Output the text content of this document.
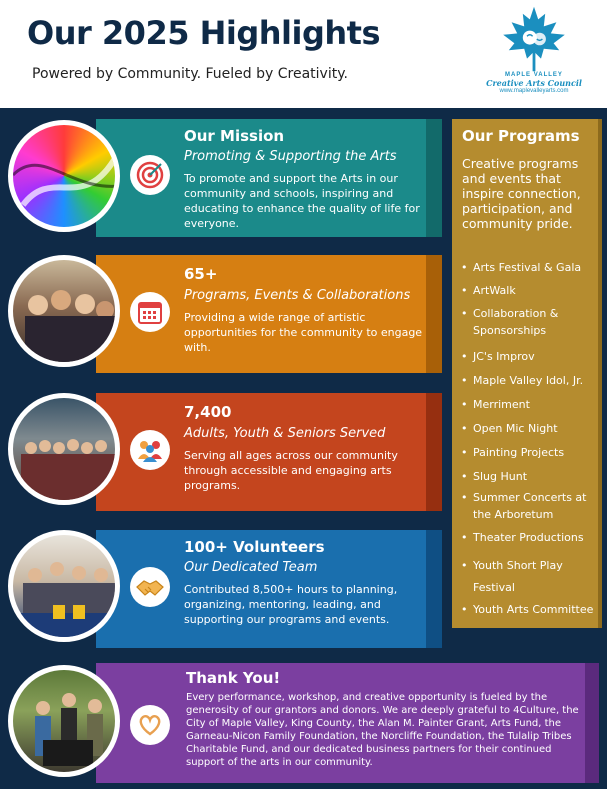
Our 2025 Highlights
Powered by Community. Fueled by Creativity.	MAPLE VALLEY
Creative Arts Council
www.maplevalleyarts.com
Our Mission
Promoting & Supporting the Arts
To promote and support the Arts in our community and schools, inspiring and educating to enhance the quality of life for everyone.
65+
Programs, Events & Collaborations
Providing a wide range of artistic opportunities for the community to engage with.
7,400
Adults, Youth & Seniors Served
Serving all ages across our community through accessible and engaging arts programs.
100+ Volunteers
Our Dedicated Team
Contributed 8,500+ hours to planning, organizing, mentoring, leading, and supporting our programs and events.
Our Programs
Creative programs and events that inspire connection, participation, and community pride.
• Arts Festival & Gala
• ArtWalk
• Collaboration & Sponsorships
• JC's Improv
• Maple Valley Idol, Jr.
• Merriment
• Open Mic Night
• Painting Projects
• Slug Hunt
• Summer Concerts at the Arboretum
• Theater Productions
• Youth Short Play Festival
• Youth Arts Committee
Thank You!
Every performance, workshop, and creative opportunity is fueled by the generosity of our grantors and donors. We are deeply grateful to 4Culture, the City of Maple Valley, King County, the Alan M. Painter Grant, Arts Fund, the Garneau-Nicon Family Foundation, the Norcliffe Foundation, the Tulalip Tribes Charitable Fund, and our dedicated business partners for their continued support of the arts in our community.
